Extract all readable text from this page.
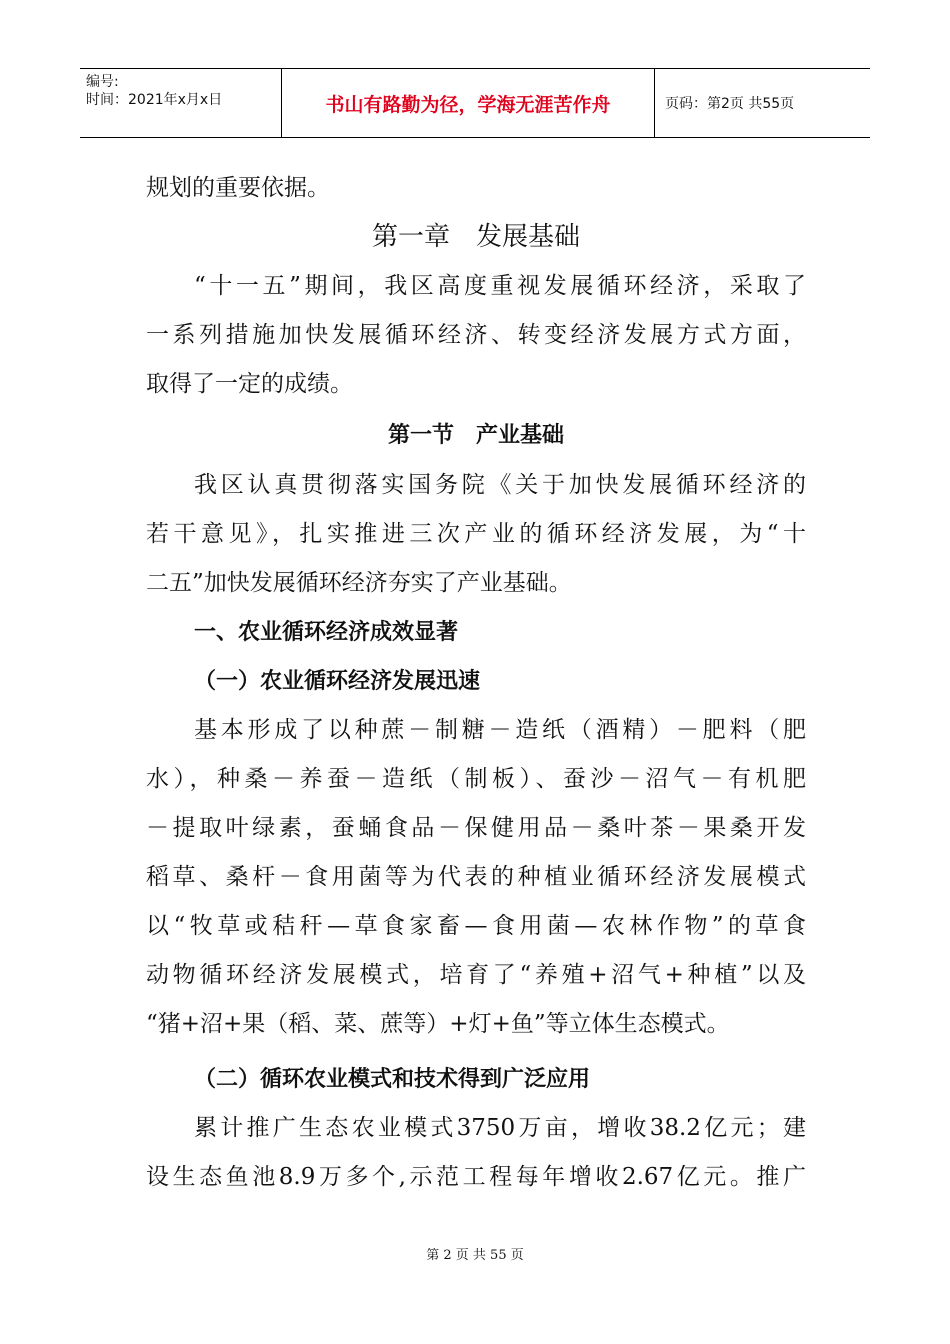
编号:
时间：2021年x月x日	书山有路勤为径，学海无涯苦作舟	页码：第2页 共55页
规划的重要依据。
第一章　发展基础
“十一五”期间，我区高度重视发展循环经济，采取了
一系列措施加快发展循环经济、转变经济发展方式方面，
取得了一定的成绩。
第一节　产业基础
我区认真贯彻落实国务院《关于加快发展循环经济的
若干意见》，扎实推进三次产业的循环经济发展，为“十
二五”加快发展循环经济夯实了产业基础。
一、农业循环经济成效显著
（一）农业循环经济发展迅速
基本形成了以种蔗－制糖－造纸（酒精）－肥料（肥
水），种桑－养蚕－造纸（制板）、蚕沙－沼气－有机肥
－提取叶绿素，蚕蛹食品－保健用品－桑叶茶－果桑开发
稻草、桑杆－食用菌等为代表的种植业循环经济发展模式
以“牧草或秸秆—草食家畜—食用菌—农林作物”的草食
动物循环经济发展模式，培育了“养殖+沼气+种植”以及
“猪+沼+果（稻、菜、蔗等）+灯+鱼”等立体生态模式。
（二）循环农业模式和技术得到广泛应用
累计推广生态农业模式3750万亩，增收38.2亿元；建
设生态鱼池8.9万多个,示范工程每年增收2.67亿元。推广
第 2 页 共 55 页
